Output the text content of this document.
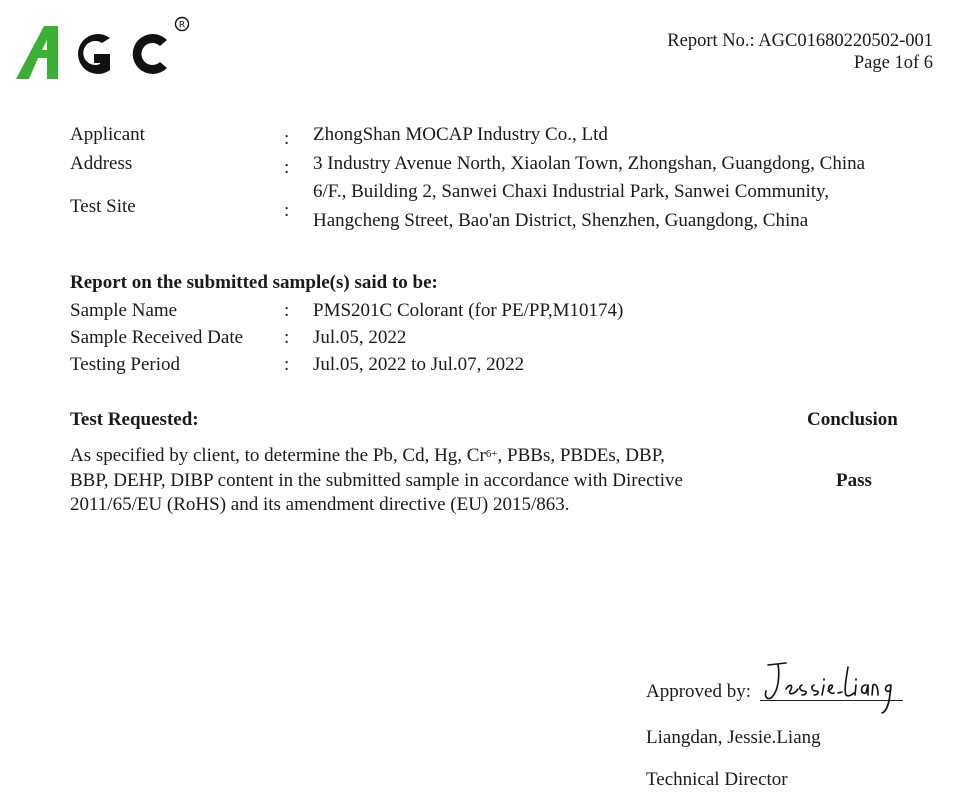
R
Report No.: AGC01680220502-001
Page 1of 6
Applicant	: ZhongShan MOCAP Industry Co., Ltd
Address	: 3 Industry Avenue North, Xiaolan Town, Zhongshan, Guangdong, China
Test Site	:
6/F., Building 2, Sanwei Chaxi Industrial Park, Sanwei Community,
Hangcheng Street, Bao'an District, Shenzhen, Guangdong, China
Report on the submitted sample(s) said to be:
Sample Name	: PMS201C Colorant (for PE/PP,M10174)
Sample Received Date : Jul.05, 2022
Testing Period	: Jul.05, 2022 to Jul.07, 2022
Test Requested:	Conclusion
As specified by client, to determine the Pb, Cd, Hg, $Cr^{6+}$, PBBs, PBDEs, DBP,
BBP, DEHP, DIBP content in the submitted sample in accordance with Directive
2011/65/EU (RoHS) and its amendment directive (EU) 2015/863.
Pass
Approved by:
Liangdan, Jessie.Liang
Technical Director
